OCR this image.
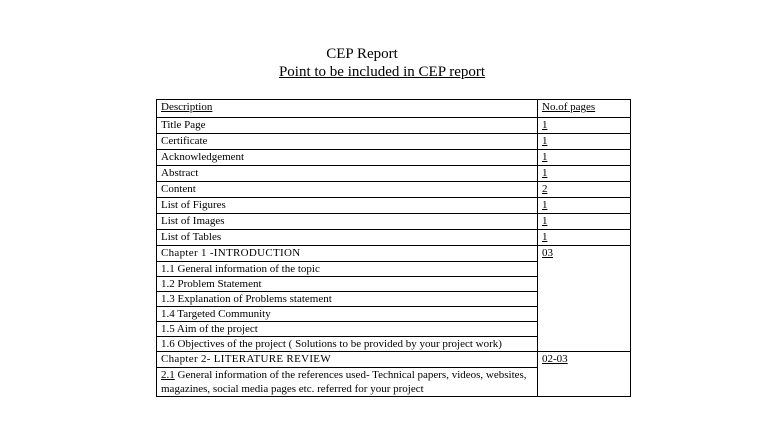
CEP Report
Point to be included in CEP report
Description	No.of pages
Title Page	1
Certificate	1
Acknowledgement	1
Abstract	1
Content	2
List of Figures	1
List of Images	1
List of Tables	1
Chapter 1 -INTRODUCTION	03
1.1 General information of the topic	
1.2 Problem Statement	
1.3 Explanation of Problems statement	
1.4 Targeted Community	
1.5 Aim of the project	
1.6 Objectives of the project ( Solutions to be provided by your project work)	
Chapter 2- LITERATURE REVIEW	02-03
2.1 General information of the references used- Technical papers, videos, websites, magazines, social media pages etc. referred for your project	
